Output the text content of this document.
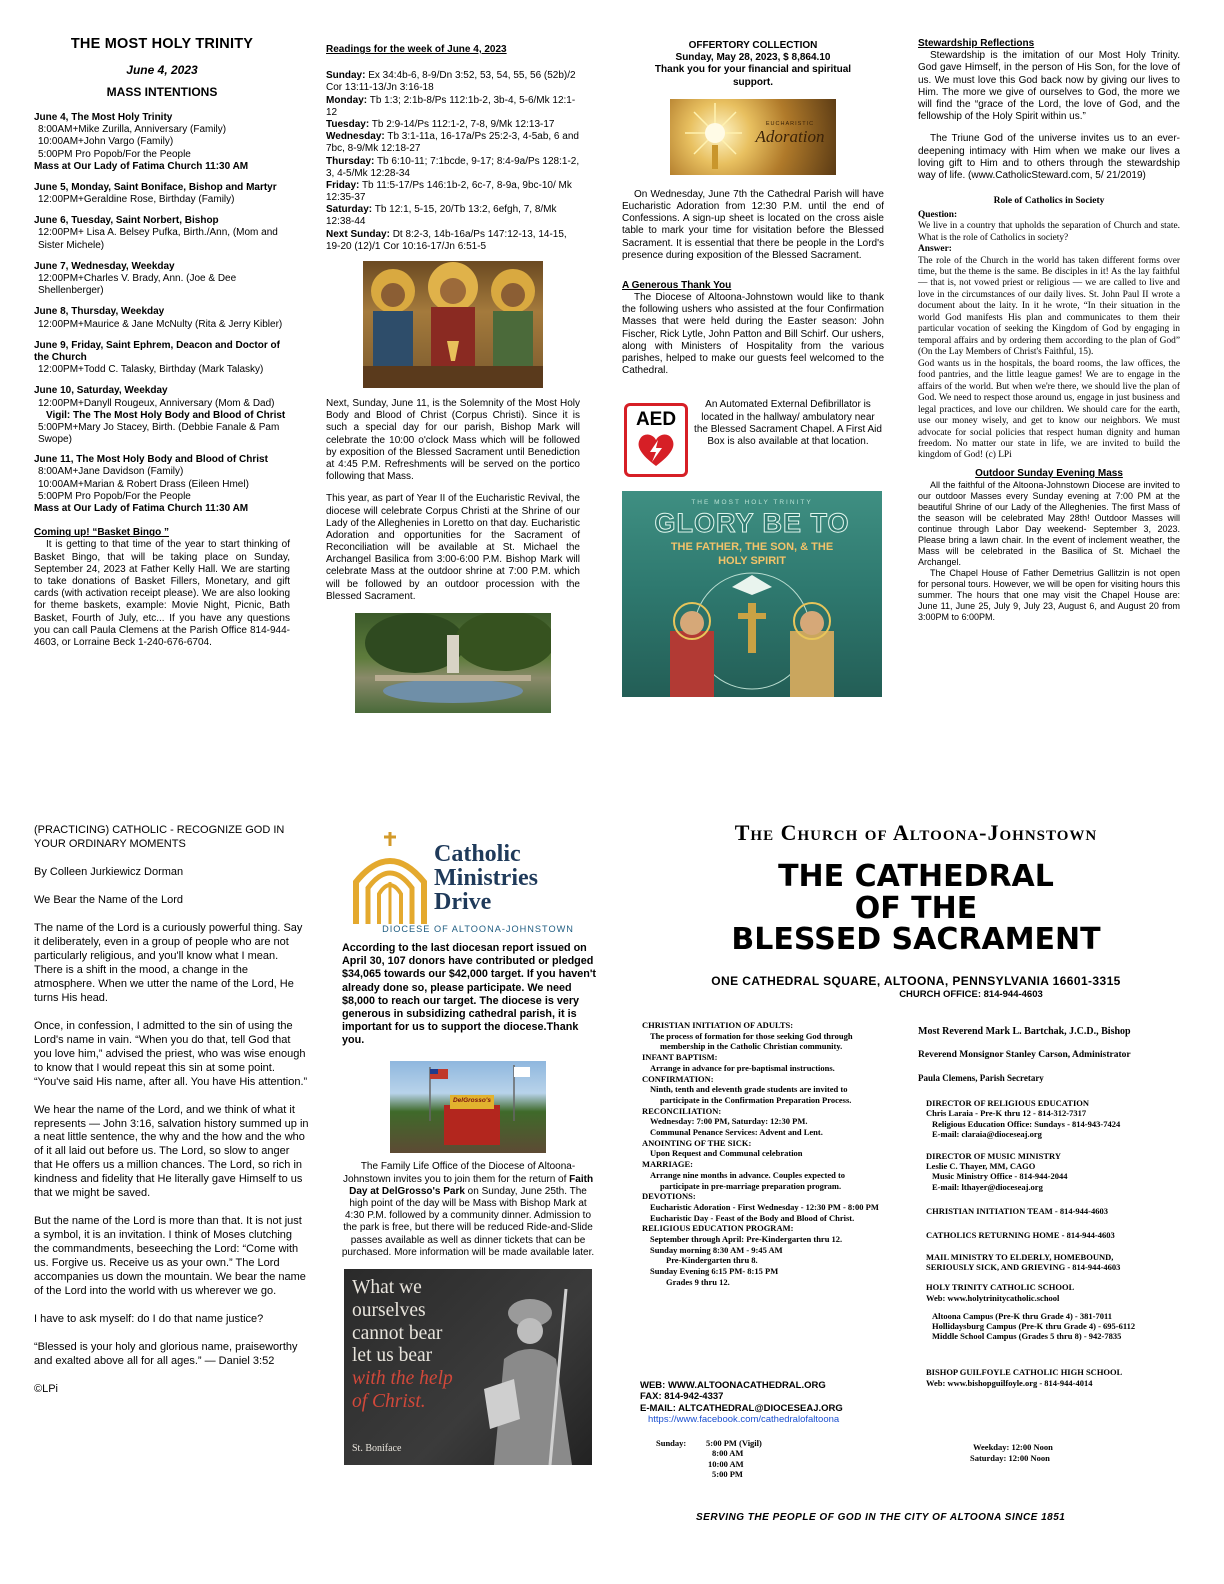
THE MOST HOLY TRINITY
June 4, 2023
MASS INTENTIONS
June 4, The Most Holy Trinity
8:00AM+Mike Zurilla, Anniversary (Family)
10:00AM+John Vargo (Family)
5:00PM Pro Popob/For the People
Mass at Our Lady of Fatima Church 11:30 AM
June 5, Monday, Saint Boniface, Bishop and Martyr
12:00PM+Geraldine Rose, Birthday (Family)
June 6, Tuesday, Saint Norbert, Bishop
12:00PM+ Lisa A. Belsey Pufka, Birth./Ann, (Mom and Sister Michele)
June 7, Wednesday, Weekday
12:00PM+Charles V. Brady, Ann. (Joe & Dee Shellenberger)
June 8, Thursday, Weekday
12:00PM+Maurice & Jane McNulty (Rita & Jerry Kibler)
June 9, Friday, Saint Ephrem, Deacon and Doctor of the Church
12:00PM+Todd C. Talasky, Birthday (Mark Talasky)
June 10, Saturday, Weekday
12:00PM+Danyll Rougeux, Anniversary (Mom & Dad)
Vigil: The The Most Holy Body and Blood of Christ
5:00PM+Mary Jo Stacey, Birth. (Debbie Fanale & Pam Swope)
June 11, The Most Holy Body and Blood of Christ
8:00AM+Jane Davidson (Family)
10:00AM+Marian & Robert Drass (Eileen Hmel)
5:00PM Pro Popob/For the People
Mass at Our Lady of Fatima Church 11:30 AM
Coming up! “Basket Bingo ”

It is getting to that time of the year to start thinking of Basket Bingo, that will be taking place on Sunday, September 24, 2023 at Father Kelly Hall. We are starting to take donations of Basket Fillers, Monetary, and gift cards (with activation receipt please). We are also looking for theme baskets, example: Movie Night, Picnic, Bath Basket, Fourth of July, etc... If you have any questions you can call Paula Clemens at the Parish Office 814-944-4603, or Lorraine Beck 1-240-676-6704.

Readings for the week of June 4, 2023
Sunday: Ex 34:4b-6, 8-9/Dn 3:52, 53, 54, 55, 56 (52b)/2 Cor 13:11-13/Jn 3:16-18
Monday: Tb 1:3; 2:1b-8/Ps 112:1b-2, 3b-4, 5-6/Mk 12:1-12
Tuesday: Tb 2:9-14/Ps 112:1-2, 7-8, 9/Mk 12:13-17
Wednesday: Tb 3:1-11a, 16-17a/Ps 25:2-3, 4-5ab, 6 and 7bc, 8-9/Mk 12:18-27
Thursday: Tb 6:10-11; 7:1bcde, 9-17; 8:4-9a/Ps 128:1-2, 3, 4-5/Mk 12:28-34
Friday: Tb 11:5-17/Ps 146:1b-2, 6c-7, 8-9a, 9bc-10/ Mk 12:35-37
Saturday: Tb 12:1, 5-15, 20/Tb 13:2, 6efgh, 7, 8/Mk 12:38-44
Next Sunday: Dt 8:2-3, 14b-16a/Ps 147:12-13, 14-15, 19-20 (12)/1 Cor 10:16-17/Jn 6:51-5

Next, Sunday, June 11, is the Solemnity of the Most Holy Body and Blood of Christ (Corpus Christi). Since it is such a special day for our parish, Bishop Mark will celebrate the 10:00 o'clock Mass which will be followed by exposition of the Blessed Sacrament until Benediction at 4:45 P.M. Refreshments will be served on the portico following that Mass.

This year, as part of Year II of the Eucharistic Revival, the diocese will celebrate Corpus Christi at the Shrine of our Lady of the Alleghenies in Loretto on that day. Eucharistic Adoration and opportunities for the Sacrament of Reconciliation will be available at St. Michael the Archangel Basilica from 3:00-6:00 P.M. Bishop Mark will celebrate Mass at the outdoor shrine at 7:00 P.M. which will be followed by an outdoor procession with the Blessed Sacrament.

OFFERTORY COLLECTION
Sunday, May 28, 2023, $ 8,864.10
Thank you for your financial and spiritual support.
EUCHARISTIC
Adoration

On Wednesday, June 7th the Cathedral Parish will have Eucharistic Adoration from 12:30 P.M. until the end of Confessions. A sign-up sheet is located on the cross aisle table to mark your time for visitation before the Blessed Sacrament. It is essential that there be people in the Lord's presence during exposition of the Blessed Sacrament.

A Generous Thank You

The Diocese of Altoona-Johnstown would like to thank the following ushers who assisted at the four Confirmation Masses that were held during the Easter season: John Fischer, Rick Lytle, John Patton and Bill Schirf. Our ushers, along with Ministers of Hospitality from the various parishes, helped to make our guests feel welcomed to the Cathedral.

AED

An Automated External Defibrillator is located in the hallway/ ambulatory near the Blessed Sacrament Chapel. A First Aid Box is also available at that location.

THE MOST HOLY TRINITY
GLORY BE TO
THE FATHER, THE SON, & THE HOLY SPIRIT
Stewardship Reflections

Stewardship is the imitation of our Most Holy Trinity. God gave Himself, in the person of His Son, for the love of us. We must love this God back now by giving our lives to Him. The more we give of ourselves to God, the more we will find the “grace of the Lord, the love of God, and the fellowship of the Holy Spirit within us.”

The Triune God of the universe invites us to an ever-deepening intimacy with Him when we make our lives a loving gift to Him and to others through the stewardship way of life. (www.CatholicSteward.com, 5/ 21/2019)

Role of Catholics in Society
Question:

We live in a country that upholds the separation of Church and state. What is the role of Catholics in society?

Answer:

The role of the Church in the world has taken different forms over time, but the theme is the same. Be disciples in it! As the lay faithful — that is, not vowed priest or religious — we are called to live and love in the circumstances of our daily lives. St. John Paul II wrote a document about the laity. In it he wrote, “In their situation in the world God manifests His plan and communicates to them their particular vocation of seeking the Kingdom of God by engaging in temporal affairs and by ordering them according to the plan of God” (On the Lay Members of Christ's Faithful, 15).

God wants us in the hospitals, the board rooms, the law offices, the food pantries, and the little league games! We are to engage in the affairs of the world. But when we're there, we should live the plan of God. We need to respect those around us, engage in just business and legal practices, and love our children. We should care for the earth, use our money wisely, and get to know our neighbors. We must advocate for social policies that respect human dignity and human freedom. No matter our state in life, we are invited to build the kingdom of God! (c) LPi

Outdoor Sunday Evening Mass

All the faithful of the Altoona-Johnstown Diocese are invited to our outdoor Masses every Sunday evening at 7:00 PM at the beautiful Shrine of our Lady of the Alleghenies. The first Mass of the season will be celebrated May 28th! Outdoor Masses will continue through Labor Day weekend- September 3, 2023. Please bring a lawn chair. In the event of inclement weather, the Mass will be celebrated in the Basilica of St. Michael the Archangel.

The Chapel House of Father Demetrius Gallitzin is not open for personal tours. However, we will be open for visiting hours this summer. The hours that one may visit the Chapel House are: June 11, June 25, July 9, July 23, August 6, and August 20 from 3:00PM to 6:00PM.

(PRACTICING) CATHOLIC - RECOGNIZE GOD IN YOUR ORDINARY MOMENTS
By Colleen Jurkiewicz Dorman
We Bear the Name of the Lord

The name of the Lord is a curiously powerful thing. Say it deliberately, even in a group of people who are not particularly religious, and you'll know what I mean. There is a shift in the mood, a change in the atmosphere. When we utter the name of the Lord, He turns His head.

Once, in confession, I admitted to the sin of using the Lord's name in vain. “When you do that, tell God that you love him,” advised the priest, who was wise enough to know that I would repeat this sin at some point. “You've said His name, after all. You have His attention.”

We hear the name of the Lord, and we think of what it represents — John 3:16, salvation history summed up in a neat little sentence, the why and the how and the who of it all laid out before us. The Lord, so slow to anger that He offers us a million chances. The Lord, so rich in kindness and fidelity that He literally gave Himself to us that we might be saved.

But the name of the Lord is more than that. It is not just a symbol, it is an invitation. I think of Moses clutching the commandments, beseeching the Lord: “Come with us. Forgive us. Receive us as your own.” The Lord accompanies us down the mountain. We bear the name of the Lord into the world with us wherever we go.

I have to ask myself: do I do that name justice?

“Blessed is your holy and glorious name, praiseworthy and exalted above all for all ages.” — Daniel 3:52

©LPi

Catholic
Ministries
Drive
DIOCESE OF ALTOONA-JOHNSTOWN

According to the last diocesan report issued on April 30, 107 donors have contributed or pledged $34,065 towards our $42,000 target. If you haven't already done so, please participate. We need $8,000 to reach our target. The diocese is very generous in subsidizing cathedral parish, it is important for us to support the diocese.Thank you.

DelGrosso's

The Family Life Office of the Diocese of Altoona-Johnstown invites you to join them for the return of Faith Day at DelGrosso's Park on Sunday, June 25th. The high point of the day will be Mass with Bishop Mark at 4:30 P.M. followed by a community dinner. Admission to the park is free, but there will be reduced Ride-and-Slide passes available as well as dinner tickets that can be purchased. More information will be made available later.

What we ourselves cannot bear let us bear with the help of Christ.
St. Boniface
The Church of Altoona-Johnstown
THE CATHEDRAL
OF THE
BLESSED SACRAMENT
ONE CATHEDRAL SQUARE, ALTOONA, PENNSYLVANIA 16601-3315
CHURCH OFFICE: 814-944-4603
CHRISTIAN INITIATION OF ADULTS:
The process of formation for those seeking God through
membership in the Catholic Christian community.
INFANT BAPTISM:
Arrange in advance for pre-baptismal instructions.
CONFIRMATION:
Ninth, tenth and eleventh grade students are invited to
participate in the Confirmation Preparation Process.
RECONCILIATION:
Wednesday: 7:00 PM, Saturday: 12:30 PM.
Communal Penance Services: Advent and Lent.
ANOINTING OF THE SICK:
Upon Request and Communal celebration
MARRIAGE:
Arrange nine months in advance. Couples expected to
participate in pre-marriage preparation program.
DEVOTIONS:
Eucharistic Adoration - First Wednesday - 12:30 PM - 8:00 PM
Eucharistic Day - Feast of the Body and Blood of Christ.
RELIGIOUS EDUCATION PROGRAM:
September through April: Pre-Kindergarten thru 12.
Sunday morning 8:30 AM - 9:45 AM
Pre-Kindergarten thru 8.
Sunday Evening 6:15 PM- 8:15 PM
Grades 9 thru 12.
WEB: WWW.ALTOONACATHEDRAL.ORG
FAX: 814-942-4337
E-MAIL: ALTCATHEDRAL@DIOCESEAJ.ORG
https://www.facebook.com/cathedralofaltoona
Sunday: 5:00 PM (Vigil)
8:00 AM
10:00 AM
5:00 PM
Most Reverend Mark L. Bartchak, J.C.D., Bishop
Reverend Monsignor Stanley Carson, Administrator
Paula Clemens, Parish Secretary
DIRECTOR OF RELIGIOUS EDUCATION
Chris Laraia - Pre-K thru 12 - 814-312-7317
Religious Education Office: Sundays - 814-943-7424
E-mail: claraia@dioceseaj.org
DIRECTOR OF MUSIC MINISTRY
Leslie C. Thayer, MM, CAGO
Music Ministry Office - 814-944-2044
E-mail: lthayer@dioceseaj.org
CHRISTIAN INITIATION TEAM - 814-944-4603
CATHOLICS RETURNING HOME - 814-944-4603
MAIL MINISTRY TO ELDERLY, HOMEBOUND,
SERIOUSLY SICK, AND GRIEVING - 814-944-4603
HOLY TRINITY CATHOLIC SCHOOL
Web: www.holytrinitycatholic.school
Altoona Campus (Pre-K thru Grade 4) - 381-7011
Hollidaysburg Campus (Pre-K thru Grade 4) - 695-6112
Middle School Campus (Grades 5 thru 8) - 942-7835
BISHOP GUILFOYLE CATHOLIC HIGH SCHOOL
Web: www.bishopguilfoyle.org - 814-944-4014
Weekday: 12:00 Noon
Saturday: 12:00 Noon
SERVING THE PEOPLE OF GOD IN THE CITY OF ALTOONA SINCE 1851
